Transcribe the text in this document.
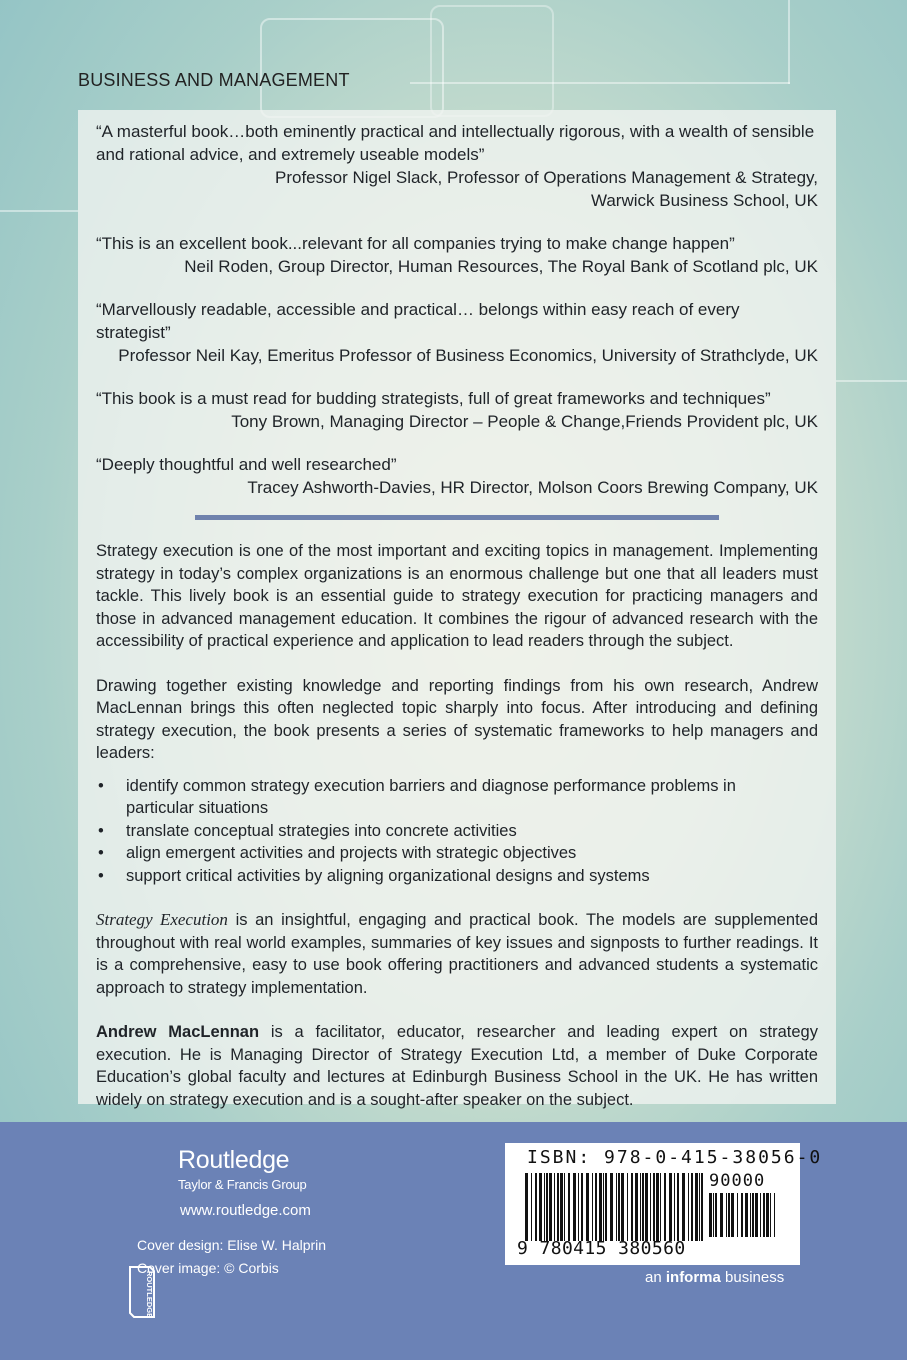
BUSINESS AND MANAGEMENT
“A masterful book…both eminently practical and intellectually rigorous, with a wealth of sensible and rational advice, and extremely useable models”
Professor Nigel Slack, Professor of Operations Management & Strategy,
Warwick Business School, UK
“This is an excellent book...relevant for all companies trying to make change happen”
Neil Roden, Group Director, Human Resources, The Royal Bank of Scotland plc, UK
“Marvellously readable, accessible and practical… belongs within easy reach of every strategist”
Professor Neil Kay, Emeritus Professor of Business Economics, University of Strathclyde, UK
“This book is a must read for budding strategists, full of great frameworks and techniques”
Tony Brown, Managing Director – People & Change,Friends Provident plc, UK
“Deeply thoughtful and well researched”
Tracey Ashworth-Davies, HR Director, Molson Coors Brewing Company, UK

Strategy execution is one of the most important and exciting topics in management. Implementing strategy in today’s complex organizations is an enormous challenge but one that all leaders must tackle. This lively book is an essential guide to strategy execution for practicing managers and those in advanced management education. It combines the rigour of advanced research with the accessibility of practical experience and application to lead readers through the subject.

Drawing together existing knowledge and reporting findings from his own research, Andrew MacLennan brings this often neglected topic sharply into focus. After introducing and defining strategy execution, the book presents a series of systematic frameworks to help managers and leaders:

• identify common strategy execution barriers and diagnose performance problems in particular situations
• translate conceptual strategies into concrete activities
• align emergent activities and projects with strategic objectives
• support critical activities by aligning organizational designs and systems

Strategy Execution is an insightful, engaging and practical book. The models are supplemented throughout with real world examples, summaries of key issues and signposts to further readings. It is a comprehensive, easy to use book offering practitioners and advanced students a systematic approach to strategy implementation.

Andrew MacLennan is a facilitator, educator, researcher and leading expert on strategy execution. He is Managing Director of Strategy Execution Ltd, a member of Duke Corporate Education’s global faculty and lectures at Edinburgh Business School in the UK. He has written widely on strategy execution and is a sought-after speaker on the subject.

ROUTLEDGE
Routledge
Taylor & Francis Group
www.routledge.com
Cover design: Elise W. Halprin
Cover image: © Corbis
ISBN: 978-0-415-38056-0
90000
9 780415 380560
an informa business
